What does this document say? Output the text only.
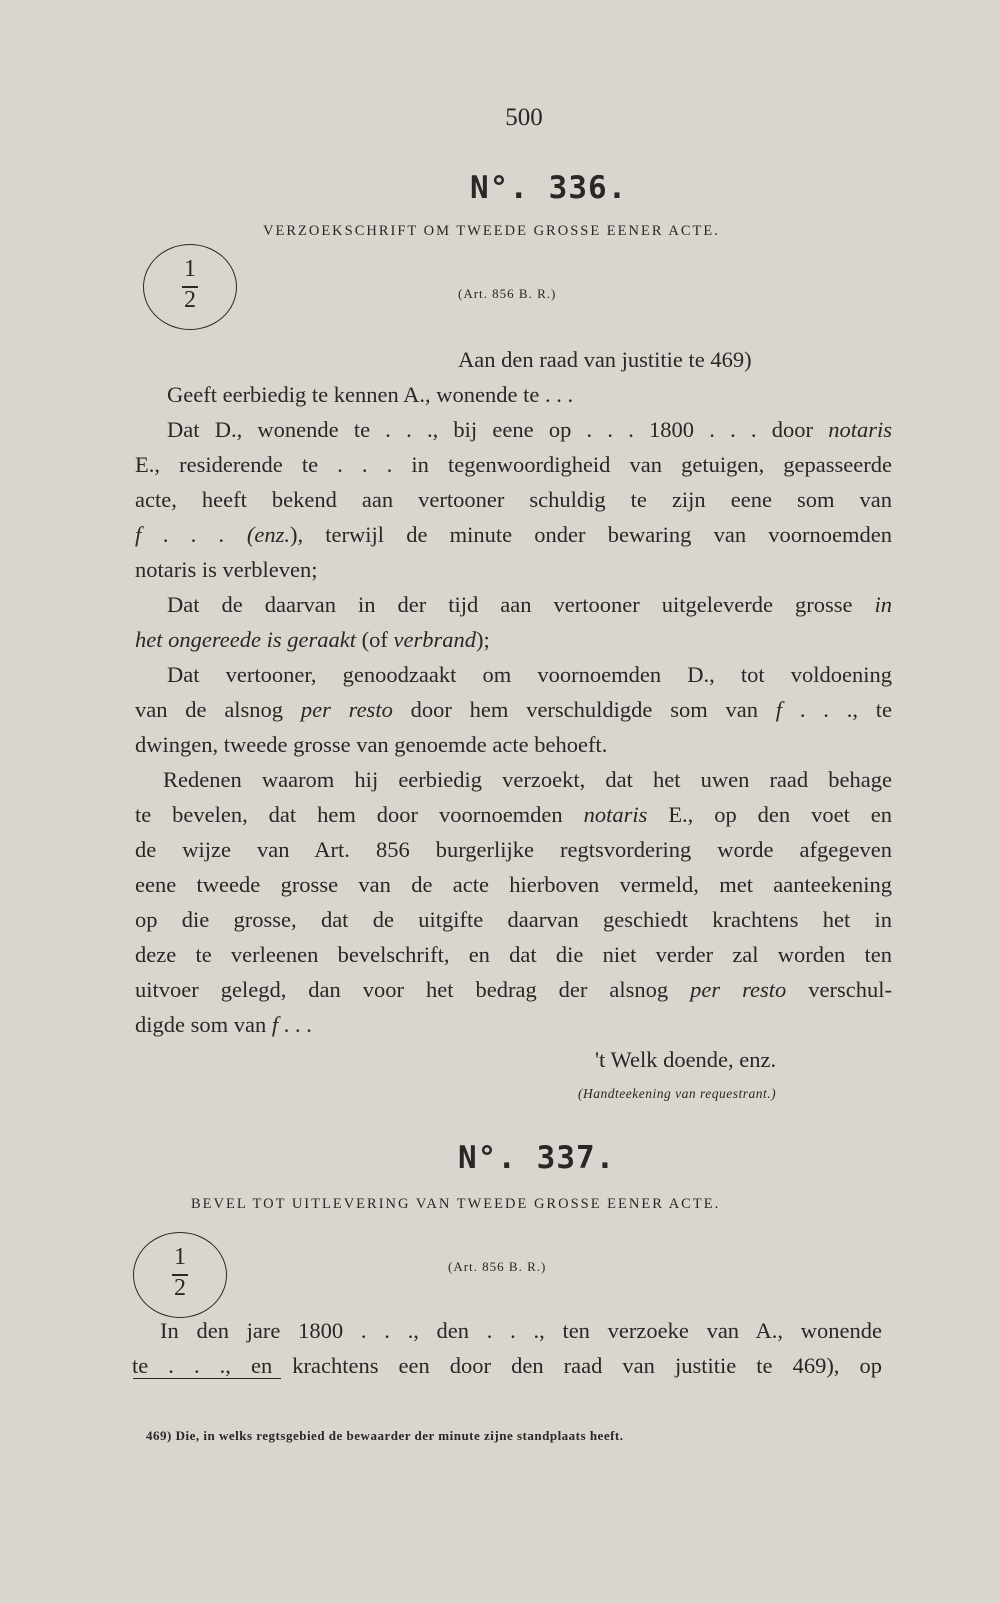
500
N°. 336.
VERZOEKSCHRIFT OM TWEEDE GROSSE EENER ACTE.
1
2	(Art. 856 B. R.)
Aan den raad van justitie te 469)
Geeft eerbiedig te kennen A., wonende te . . .
Dat D., wonende te . . ., bij eene op . . . 1800 . . . door notaris
E., residerende te . . . in tegenwoordigheid van getuigen, gepasseerde
acte, heeft bekend aan vertooner schuldig te zijn eene som van
f . . . (enz.), terwijl de minute onder bewaring van voornoemden
notaris is verbleven;
Dat de daarvan in der tijd aan vertooner uitgeleverde grosse in
het ongereede is geraakt (of verbrand);
Dat vertooner, genoodzaakt om voornoemden D., tot voldoening
van de alsnog per resto door hem verschuldigde som van f . . ., te
dwingen, tweede grosse van genoemde acte behoeft.
Redenen waarom hij eerbiedig verzoekt, dat het uwen raad behage
te bevelen, dat hem door voornoemden notaris E., op den voet en
de wijze van Art. 856 burgerlijke regtsvordering worde afgegeven
eene tweede grosse van de acte hierboven vermeld, met aanteekening
op die grosse, dat de uitgifte daarvan geschiedt krachtens het in
deze te verleenen bevelschrift, en dat die niet verder zal worden ten
uitvoer gelegd, dan voor het bedrag der alsnog per resto verschul-
digde som van f . . .
't Welk doende, enz.
(Handteekening van requestrant.)
N°. 337.
BEVEL TOT UITLEVERING VAN TWEEDE GROSSE EENER ACTE.
1
2
(Art. 856 B. R.)
In den jare 1800 . . ., den . . ., ten verzoeke van A., wonende
te . . ., en krachtens een door den raad van justitie te 469), op
469) Die, in welks regtsgebied de bewaarder der minute zijne standplaats heeft.
